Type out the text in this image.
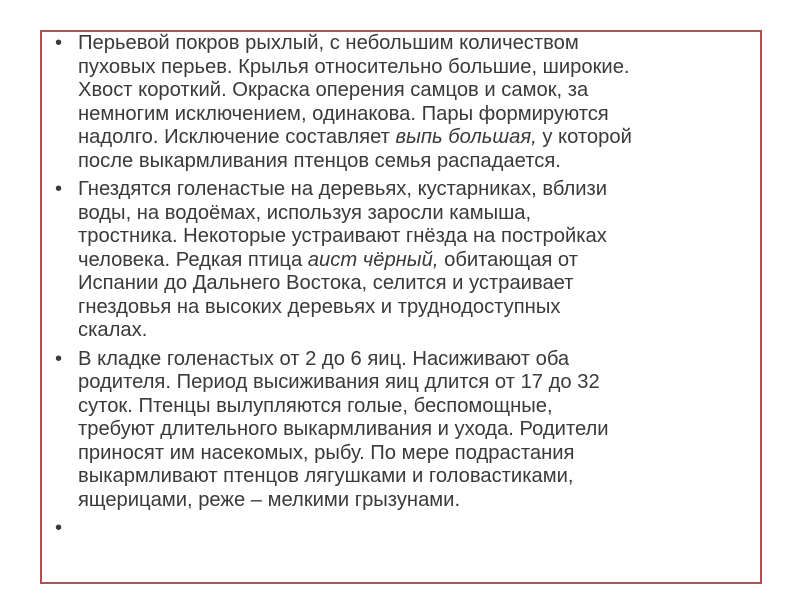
• Перьевой покров рыхлый, с небольшим количеством
пуховых перьев. Крылья относительно большие, широкие.
Хвост короткий. Окраска оперения самцов и самок, за
немногим исключением, одинакова. Пары формируются
надолго. Исключение составляет выпь большая, у которой
после выкармливания птенцов семья распадается.
• Гнездятся голенастые на деревьях, кустарниках, вблизи
воды, на водоёмах, используя заросли камыша,
тростника. Некоторые устраивают гнёзда на постройках
человека. Редкая птица аист чёрный, обитающая от
Испании до Дальнего Востока, селится и устраивает
гнездовья на высоких деревьях и труднодоступных
скалах.
• В кладке голенастых от 2 до 6 яиц. Насиживают оба
родителя. Период высиживания яиц длится от 17 до 32
суток. Птенцы вылупляются голые, беспомощные,
требуют длительного выкармливания и ухода. Родители
приносят им насекомых, рыбу. По мере подрастания
выкармливают птенцов лягушками и головастиками,
ящерицами, реже – мелкими грызунами.
•
